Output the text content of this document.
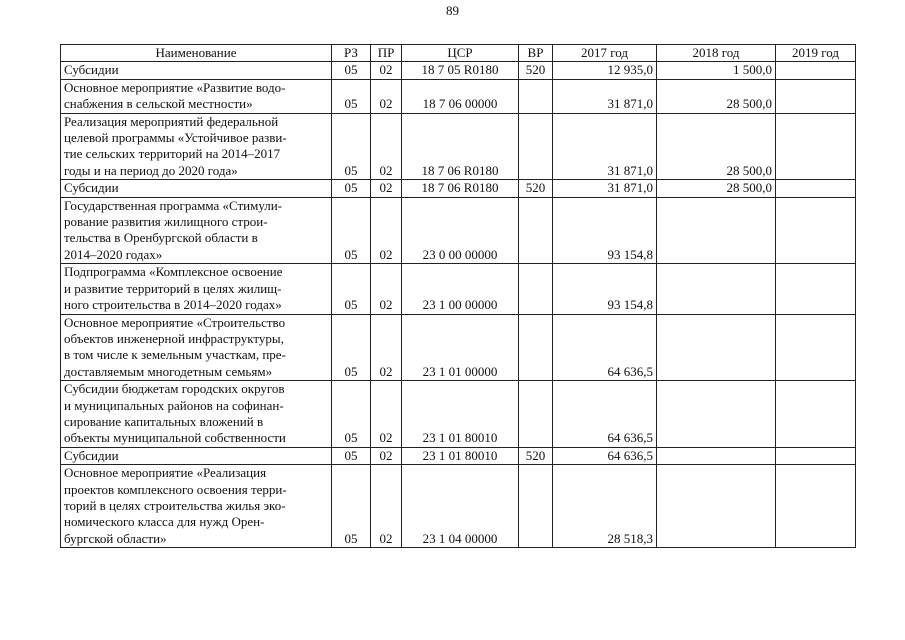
89
Наименование	РЗ	ПР	ЦСР	ВР	2017 год	2018 год	2019 год
Субсидии	05	02	18 7 05 R0180	520	12 935,0	1 500,0	
Основное мероприятие «Развитие водо-
снабжения в сельской местности»	05	02	18 7 06 00000		31 871,0	28 500,0	
Реализация мероприятий федеральной
целевой программы «Устойчивое разви-
тие сельских территорий на 2014–2017
годы и на период до 2020 года»	05	02	18 7 06 R0180		31 871,0	28 500,0	
Субсидии	05	02	18 7 06 R0180	520	31 871,0	28 500,0	
Государственная программа «Стимули-
рование развития жилищного строи-
тельства в Оренбургской области в
2014–2020 годах»	05	02	23 0 00 00000		93 154,8		
Подпрограмма «Комплексное освоение
и развитие территорий в целях жилищ-
ного строительства в 2014–2020 годах»	05	02	23 1 00 00000		93 154,8		
Основное мероприятие «Строительство
объектов инженерной инфраструктуры,
в том числе к земельным участкам, пре-
доставляемым многодетным семьям»	05	02	23 1 01 00000		64 636,5		
Субсидии бюджетам городских округов
и муниципальных районов на софинан-
сирование капитальных вложений в
объекты муниципальной собственности	05	02	23 1 01 80010		64 636,5		
Субсидии	05	02	23 1 01 80010	520	64 636,5		
Основное мероприятие «Реализация
проектов комплексного освоения терри-
торий в целях строительства жилья эко-
номического класса для нужд Орен-
бургской области»	05	02	23 1 04 00000		28 518,3		
